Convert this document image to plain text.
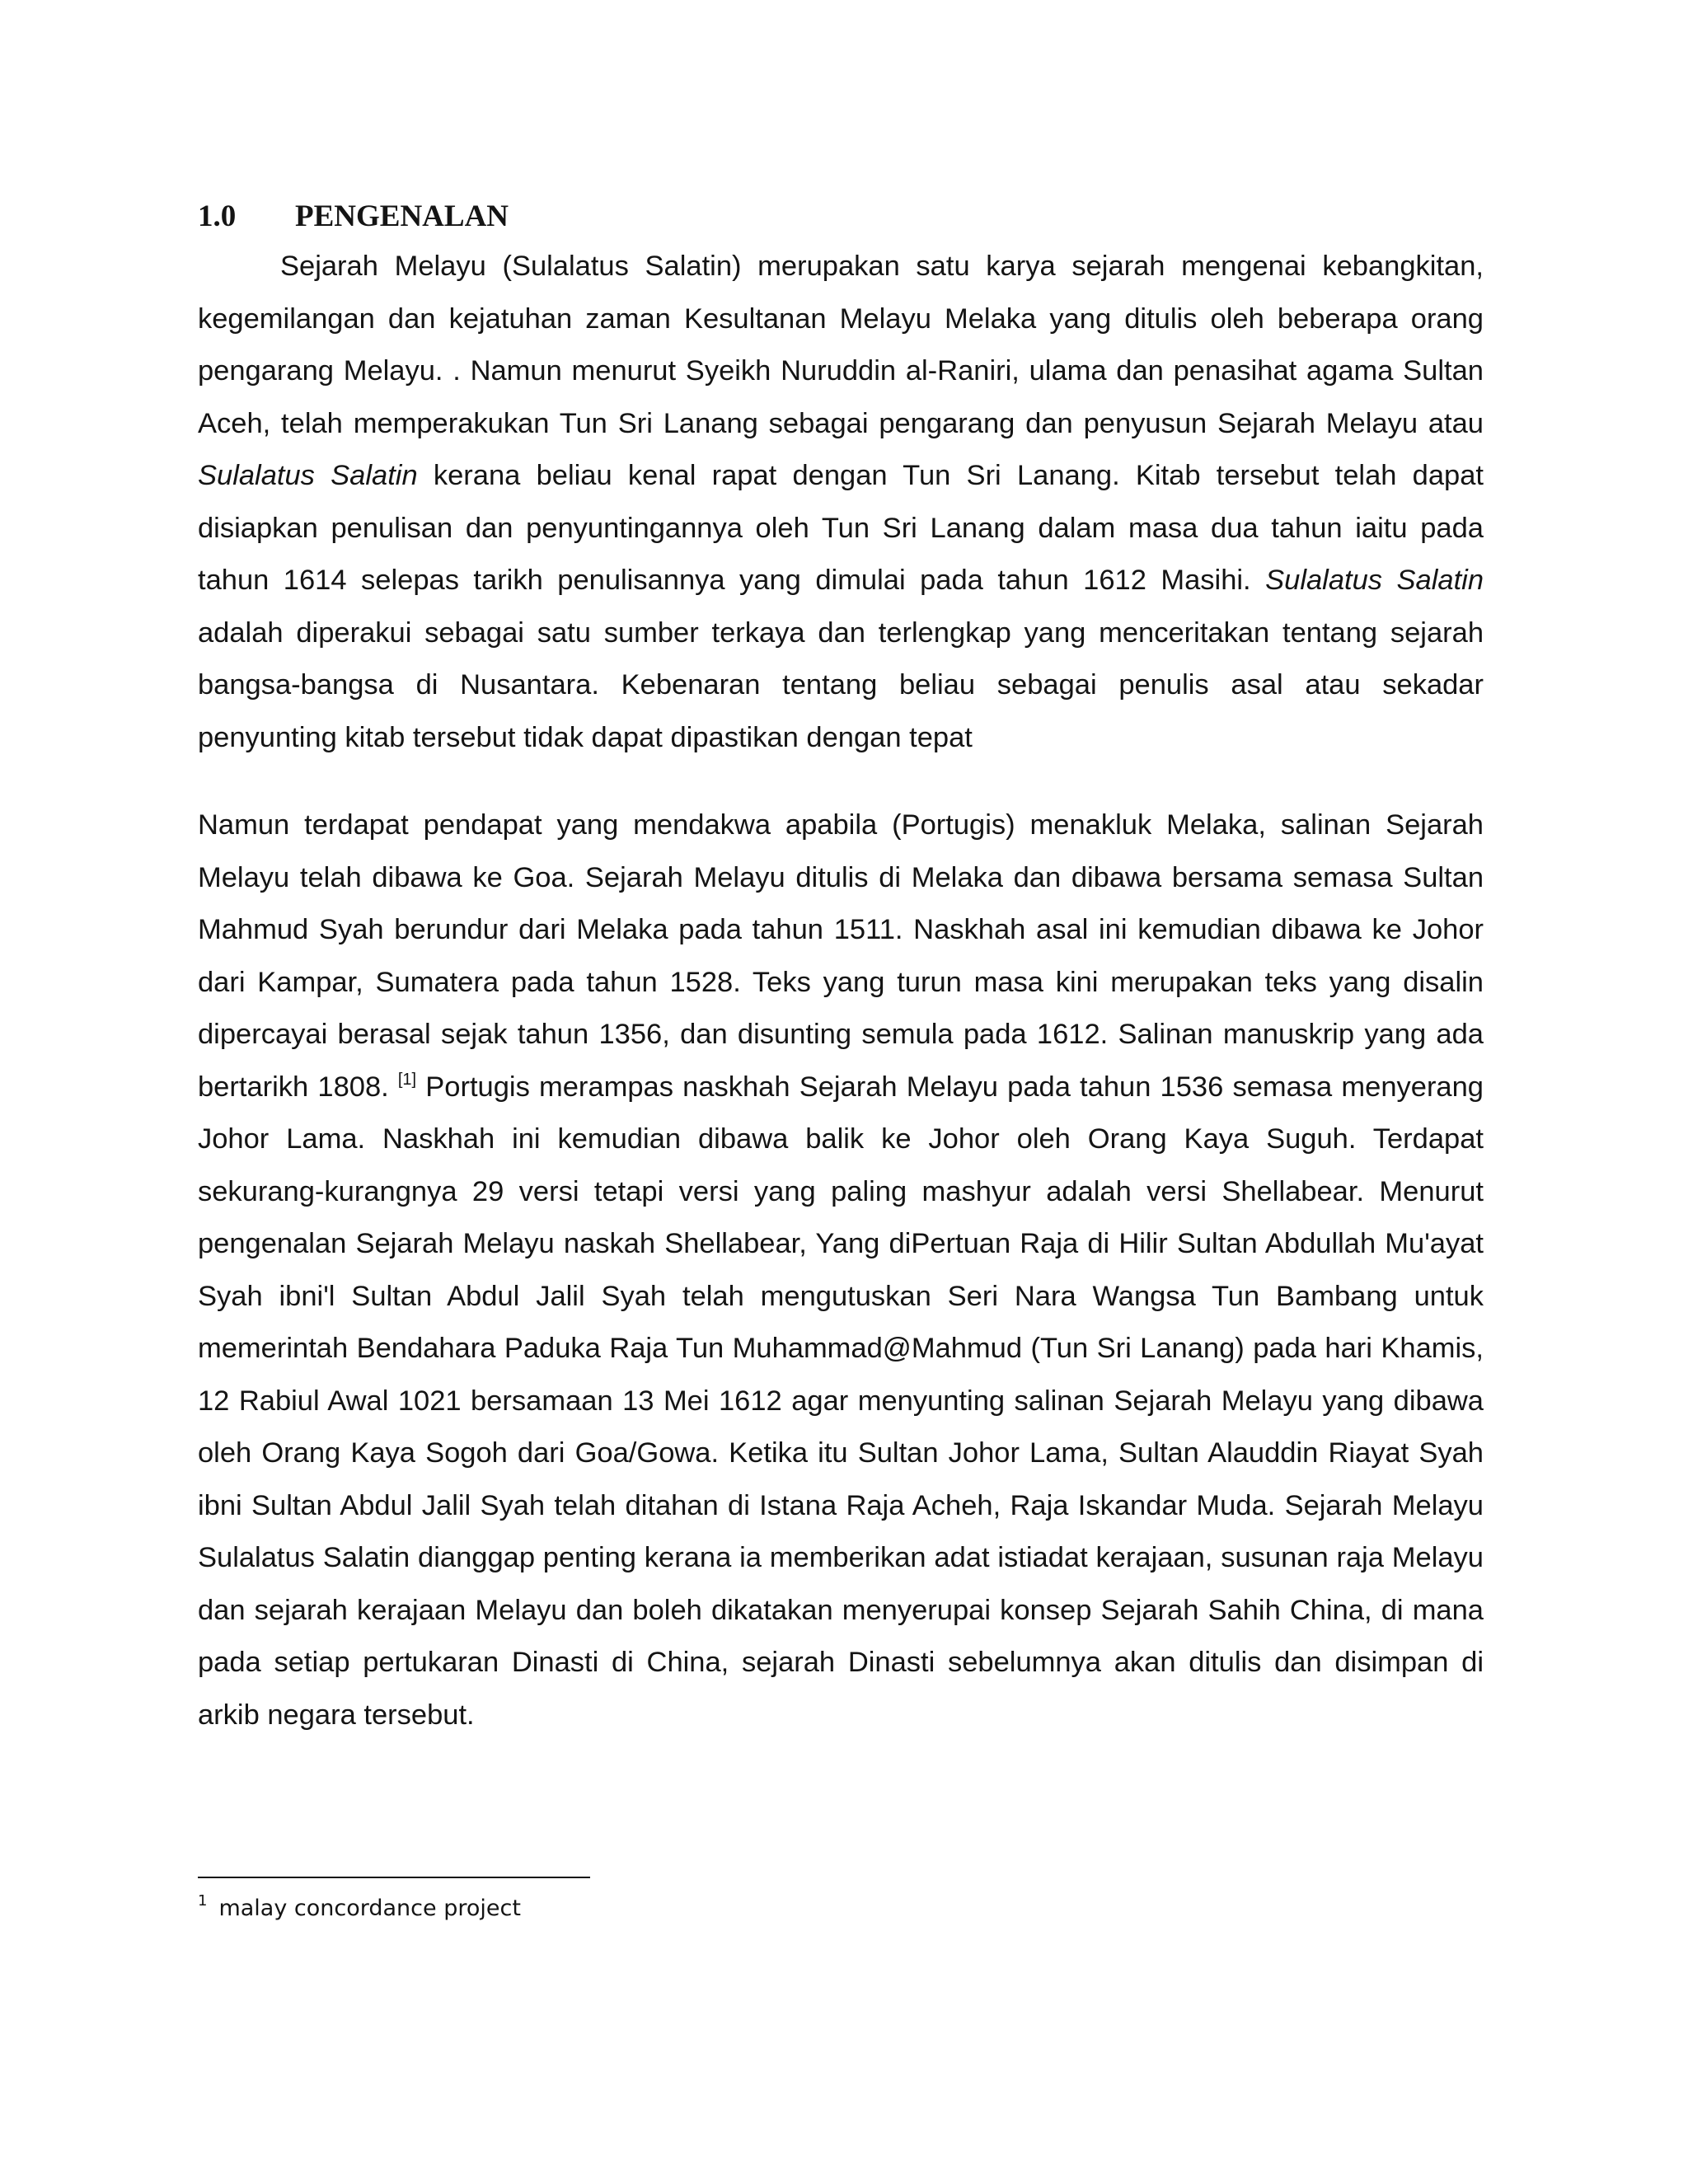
1.0	PENGENALAN

Sejarah Melayu (Sulalatus Salatin) merupakan satu karya sejarah mengenai kebangkitan, kegemilangan dan kejatuhan zaman Kesultanan Melayu Melaka yang ditulis oleh beberapa orang pengarang Melayu. . Namun menurut Syeikh Nuruddin al-Raniri, ulama dan penasihat agama Sultan Aceh, telah memperakukan Tun Sri Lanang sebagai pengarang dan penyusun Sejarah Melayu atau Sulalatus Salatin kerana beliau kenal rapat dengan Tun Sri Lanang. Kitab tersebut telah dapat disiapkan penulisan dan penyuntingannya oleh Tun Sri Lanang dalam masa dua tahun iaitu pada tahun 1614 selepas tarikh penulisannya yang dimulai pada tahun 1612 Masihi. Sulalatus Salatin adalah diperakui sebagai satu sumber terkaya dan terlengkap yang menceritakan tentang sejarah bangsa-bangsa di Nusantara. Kebenaran tentang beliau sebagai penulis asal atau sekadar penyunting kitab tersebut tidak dapat dipastikan dengan tepat

Namun terdapat pendapat yang mendakwa apabila (Portugis) menakluk Melaka, salinan Sejarah Melayu telah dibawa ke Goa. Sejarah Melayu ditulis di Melaka dan dibawa bersama semasa Sultan Mahmud Syah berundur dari Melaka pada tahun 1511. Naskhah asal ini kemudian dibawa ke Johor dari Kampar, Sumatera pada tahun 1528. Teks yang turun masa kini merupakan teks yang disalin dipercayai berasal sejak tahun 1356, dan disunting semula pada 1612. Salinan manuskrip yang ada bertarikh 1808. [1] Portugis merampas naskhah Sejarah Melayu pada tahun 1536 semasa menyerang Johor Lama. Naskhah ini kemudian dibawa balik ke Johor oleh Orang Kaya Suguh. Terdapat sekurang-kurangnya 29 versi tetapi versi yang paling mashyur adalah versi Shellabear. Menurut pengenalan Sejarah Melayu naskah Shellabear, Yang diPertuan Raja di Hilir Sultan Abdullah Mu'ayat Syah ibni'l Sultan Abdul Jalil Syah telah mengutuskan Seri Nara Wangsa Tun Bambang untuk memerintah Bendahara Paduka Raja Tun Muhammad@Mahmud (Tun Sri Lanang) pada hari Khamis, 12 Rabiul Awal 1021 bersamaan 13 Mei 1612 agar menyunting salinan Sejarah Melayu yang dibawa oleh Orang Kaya Sogoh dari Goa/Gowa. Ketika itu Sultan Johor Lama, Sultan Alauddin Riayat Syah ibni Sultan Abdul Jalil Syah telah ditahan di Istana Raja Acheh, Raja Iskandar Muda. Sejarah Melayu Sulalatus Salatin dianggap penting kerana ia memberikan adat istiadat kerajaan, susunan raja Melayu dan sejarah kerajaan Melayu dan boleh dikatakan menyerupai konsep Sejarah Sahih China, di mana pada setiap pertukaran Dinasti di China, sejarah Dinasti sebelumnya akan ditulis dan disimpan di arkib negara tersebut.

$^1$ malay concordance project
